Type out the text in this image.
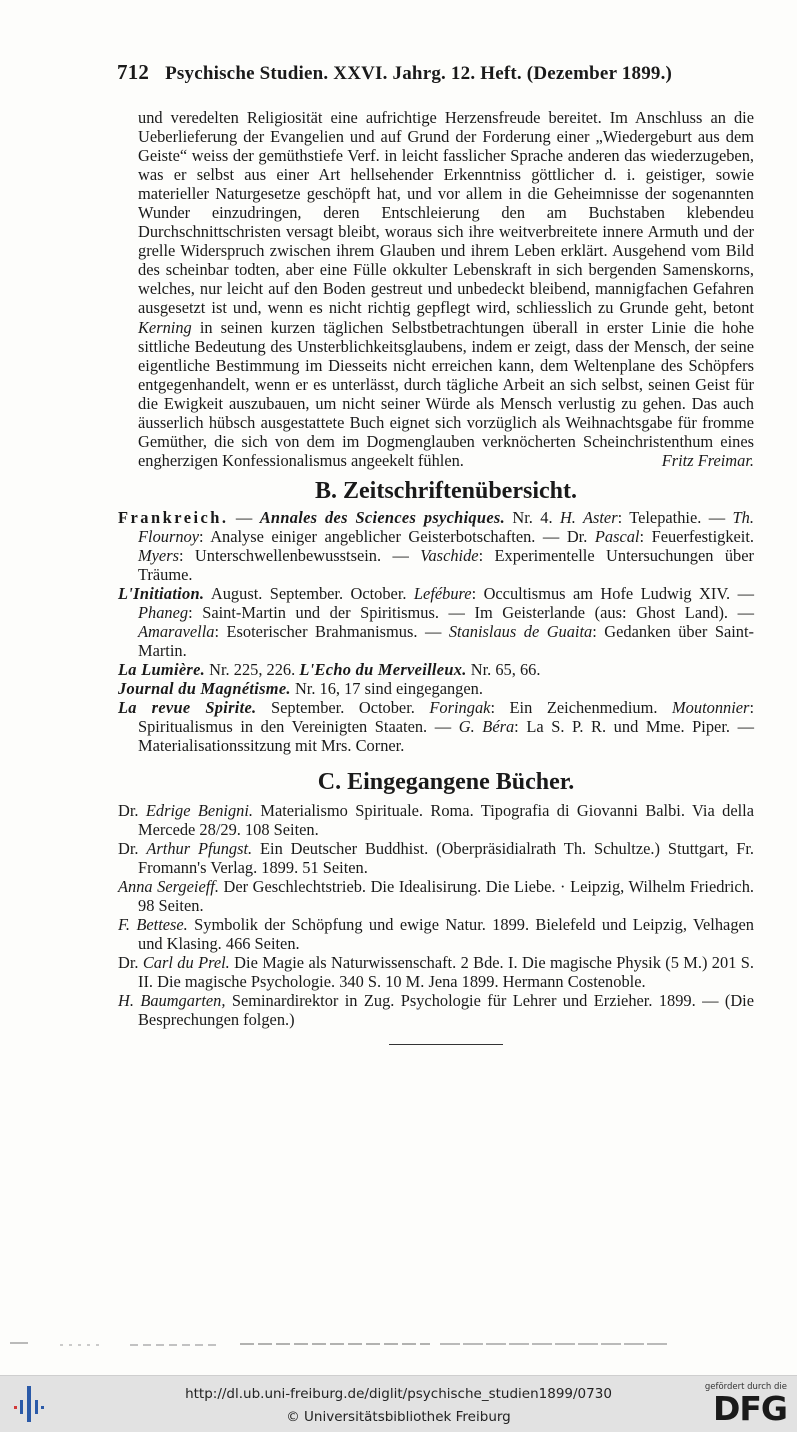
712 Psychische Studien. XXVI. Jahrg. 12. Heft. (Dezember 1899.)

und veredelten Religiosität eine aufrichtige Herzensfreude bereitet. Im Anschluss an die Ueberlieferung der Evangelien und auf Grund der Forderung einer „Wiedergeburt aus dem Geiste“ weiss der gemüthstiefe Verf. in leicht fasslicher Sprache anderen das wiederzugeben, was er selbst aus einer Art hellsehender Erkenntniss göttlicher d. i. geistiger, sowie materieller Naturgesetze geschöpft hat, und vor allem in die Geheimnisse der sogenannten Wunder einzudringen, deren Entschleierung den am Buchstaben klebendeu Durchschnittschristen versagt bleibt, woraus sich ihre weitverbreitete innere Armuth und der grelle Widerspruch zwischen ihrem Glauben und ihrem Leben erklärt. Ausgehend vom Bild des scheinbar todten, aber eine Fülle okkulter Lebenskraft in sich bergenden Samenskorns, welches, nur leicht auf den Boden gestreut und unbedeckt bleibend, mannigfachen Gefahren ausgesetzt ist und, wenn es nicht richtig gepflegt wird, schliesslich zu Grunde geht, betont Kerning in seinen kurzen täglichen Selbstbetrachtungen überall in erster Linie die hohe sittliche Bedeutung des Unsterblichkeitsglaubens, indem er zeigt, dass der Mensch, der seine eigentliche Bestimmung im Diesseits nicht erreichen kann, dem Weltenplane des Schöpfers entgegenhandelt, wenn er es unterlässt, durch tägliche Arbeit an sich selbst, seinen Geist für die Ewigkeit auszubauen, um nicht seiner Würde als Mensch verlustig zu gehen. Das auch äusserlich hübsch ausgestattete Buch eignet sich vorzüglich als Weihnachtsgabe für fromme Gemüther, die sich von dem im Dogmenglauben verknöcherten Scheinchristenthum eines engherzigen Konfessionalismus angeekelt fühlen.	Fritz Freimar.

B. Zeitschriftenübersicht.

Frankreich. — Annales des Sciences psychiques. Nr. 4. H. Aster: Telepathie. — Th. Flournoy: Analyse einiger angeblicher Geisterbotschaften. — Dr. Pascal: Feuerfestigkeit. Myers: Unterschwellenbewusstsein. — Vaschide: Experimentelle Untersuchungen über Träume.

L'Initiation. August. September. October. Lefébure: Occultismus am Hofe Ludwig XIV. — Phaneg: Saint-Martin und der Spiritismus. — Im Geisterlande (aus: Ghost Land). — Amaravella: Esoterischer Brahmanismus. — Stanislaus de Guaita: Gedanken über Saint-Martin.

La Lumière. Nr. 225, 226. L'Echo du Merveilleux. Nr. 65, 66.

Journal du Magnétisme. Nr. 16, 17 sind eingegangen.

La revue Spirite. September. October. Foringak: Ein Zeichenmedium. Moutonnier: Spiritualismus in den Vereinigten Staaten. — G. Béra: La S. P. R. und Mme. Piper. — Materialisationssitzung mit Mrs. Corner.

C. Eingegangene Bücher.

Dr. Edrige Benigni. Materialismo Spirituale. Roma. Tipografia di Giovanni Balbi. Via della Mercede 28/29. 108 Seiten.

Dr. Arthur Pfungst. Ein Deutscher Buddhist. (Oberpräsidialrath Th. Schultze.) Stuttgart, Fr. Fromann's Verlag. 1899. 51 Seiten.

Anna Sergeieff. Der Geschlechtstrieb. Die Idealisirung. Die Liebe. · Leipzig, Wilhelm Friedrich. 98 Seiten.

F. Bettese. Symbolik der Schöpfung und ewige Natur. 1899. Bielefeld und Leipzig, Velhagen und Klasing. 466 Seiten.

Dr. Carl du Prel. Die Magie als Naturwissenschaft. 2 Bde. I. Die magische Physik (5 M.) 201 S. II. Die magische Psychologie. 340 S. 10 M. Jena 1899. Hermann Costenoble.

H. Baumgarten, Seminardirektor in Zug. Psychologie für Lehrer und Erzieher. 1899. — (Die Besprechungen folgen.)

http://dl.ub.uni-freiburg.de/diglit/psychische_studien1899/0730
© Universitätsbibliothek Freiburg
gefördert durch die
DFG
